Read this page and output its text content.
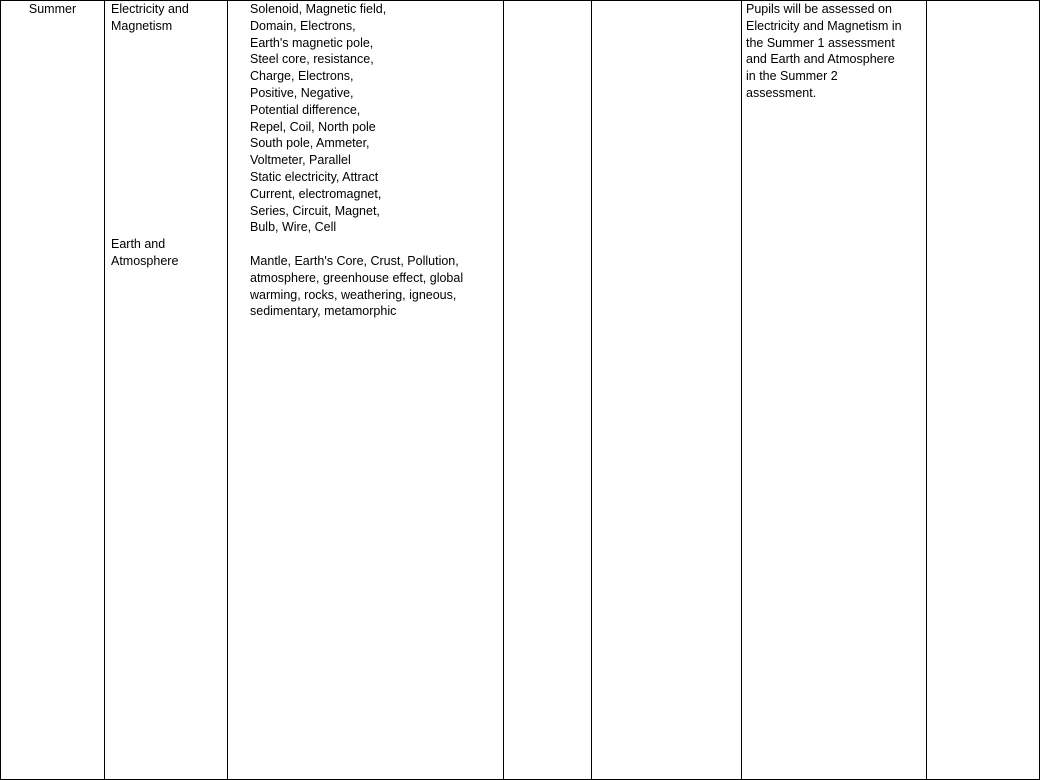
Summer	Electricity and
Magnetism
Earth and
Atmosphere
Solenoid, Magnetic field,
Domain, Electrons,
Earth's magnetic pole,
Steel core, resistance,
Charge, Electrons,
Positive, Negative,
Potential difference,
Repel, Coil, North pole
South pole, Ammeter,
Voltmeter, Parallel
Static electricity, Attract
Current, electromagnet,
Series, Circuit, Magnet,
Bulb, Wire, Cell
Mantle, Earth's Core, Crust, Pollution,
atmosphere, greenhouse effect, global
warming, rocks, weathering, igneous,
sedimentary, metamorphic
Pupils will be assessed on
Electricity and Magnetism in
the Summer 1 assessment
and Earth and Atmosphere
in the Summer 2
assessment.
